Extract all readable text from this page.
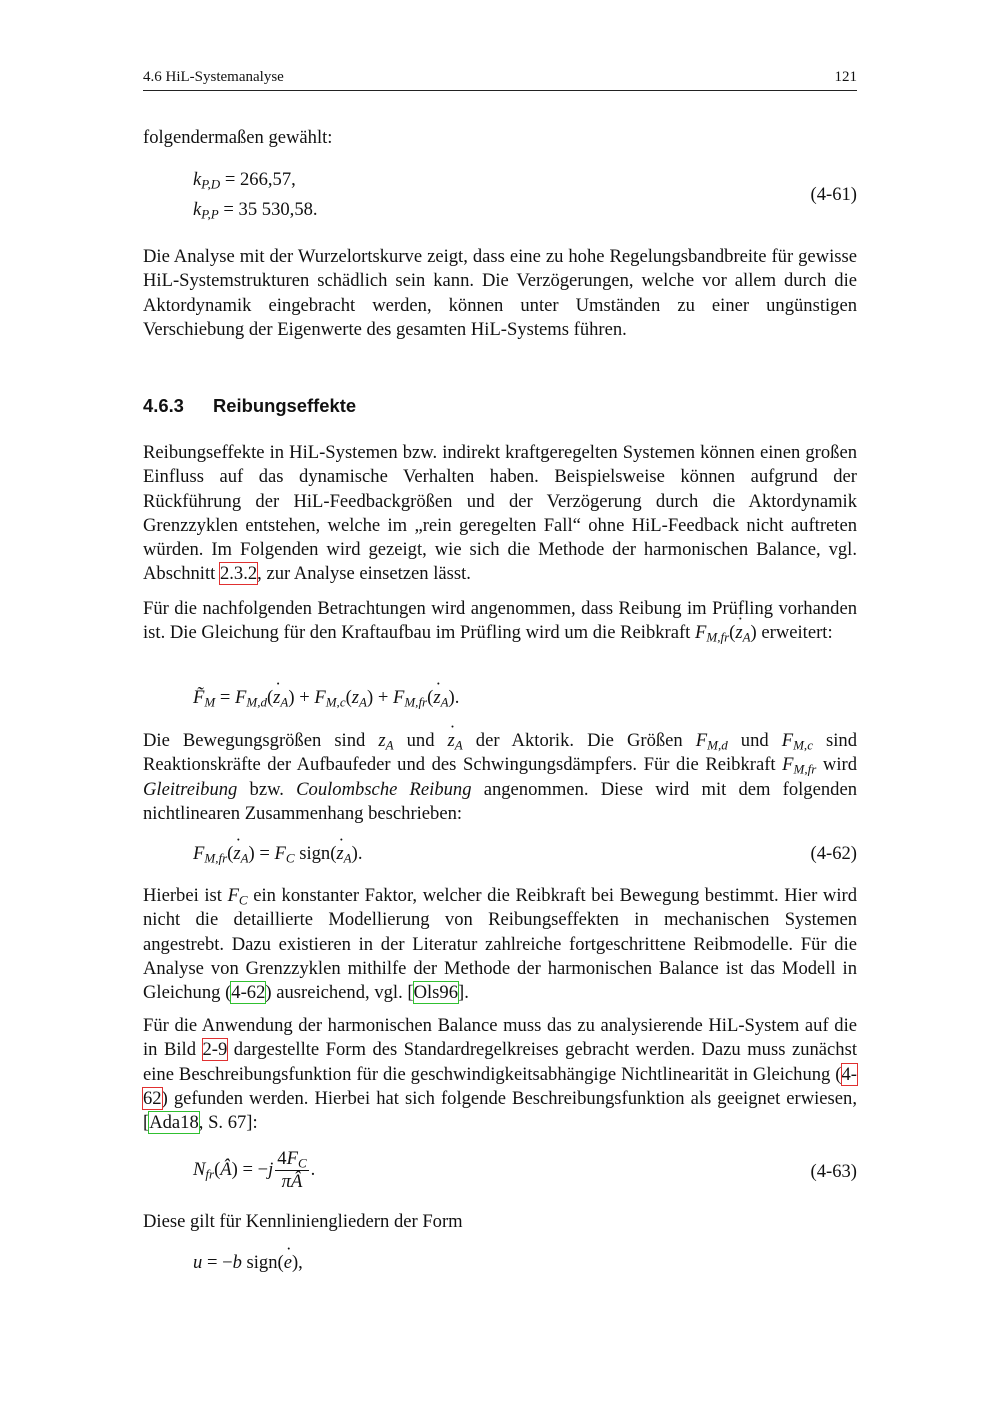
4.6 HiL-Systemanalyse	121
folgendermaßen gewählt:
$k_{P,D} = 266,57$,
$k_{P,P} = 35$ 530,58.
(4-61)
Die Analyse mit der Wurzelortskurve zeigt, dass eine zu hohe Regelungsbandbreite für gewisse HiL-Systemstrukturen schädlich sein kann. Die Verzögerungen, welche vor allem durch die Aktordynamik eingebracht werden, können unter Umständen zu einer ungünstigen Verschiebung der Eigenwerte des gesamten HiL-Systems führen.
4.6.3 Reibungseffekte
Reibungseffekte in HiL-Systemen bzw. indirekt kraftgeregelten Systemen können einen großen Einfluss auf das dynamische Verhalten haben. Beispielsweise können aufgrund der Rückführung der HiL-Feedbackgrößen und der Verzögerung durch die Aktordynamik Grenzzyklen entstehen, welche im „rein geregelten Fall“ ohne HiL-Feedback nicht auftreten würden. Im Folgenden wird gezeigt, wie sich die Methode der harmonischen Balance, vgl. Abschnitt 2.3.2, zur Analyse einsetzen lässt.
Für die nachfolgenden Betrachtungen wird angenommen, dass Reibung im Prüfling vorhanden ist. Die Gleichung für den Kraftaufbau im Prüfling wird um die Reibkraft $F_{M,fr}(z$ $˙_A$) erweitert:
$F̃_M = F_{M,d}(z$ $˙_A) + F_{M,c}(z_A) + F_{M,fr}(z$ $˙_A$).
Die Bewegungsgrößen sind $z_A$ und z $˙_A$ der Aktorik. Die Größen $F_{M,d}$ und $F_{M,c}$ sind Reaktionskräfte der Aufbaufeder und des Schwingungsdämpfers. Für die Reibkraft $F_{M,fr}$ wird Gleitreibung bzw. Coulombsche Reibung angenommen. Diese wird mit dem folgenden nichtlinearen Zusammenhang beschrieben:
$F_{M,fr}(z$ $˙_A) = F_C$ sign(z $˙_A$).	(4-62)
Hierbei ist $F_C$ ein konstanter Faktor, welcher die Reibkraft bei Bewegung bestimmt. Hier wird nicht die detaillierte Modellierung von Reibungseffekten in mechanischen Systemen angestrebt. Dazu existieren in der Literatur zahlreiche fortgeschrittene Reibmodelle. Für die Analyse von Grenzzyklen mithilfe der Methode der harmonischen Balance ist das Modell in Gleichung (4-62) ausreichend, vgl. [Ols96].
Für die Anwendung der harmonischen Balance muss das zu analysierende HiL-System auf die in Bild 2-9 dargestellte Form des Standardregelkreises gebracht werden. Dazu muss zunächst eine Beschreibungsfunktion für die geschwindigkeitsabhängige Nichtlinearität in Gleichung (4-62) gefunden werden. Hierbei hat sich folgende Beschreibungsfunktion als geeignet erwiesen, [Ada18, S. 67]:
$N_{fr}(Â) = -j \frac{4F_C}{\pi Â}$ .	(4-63)
Diese gilt für Kennliniengliedern der Form
u = −b sign(e ˙),
